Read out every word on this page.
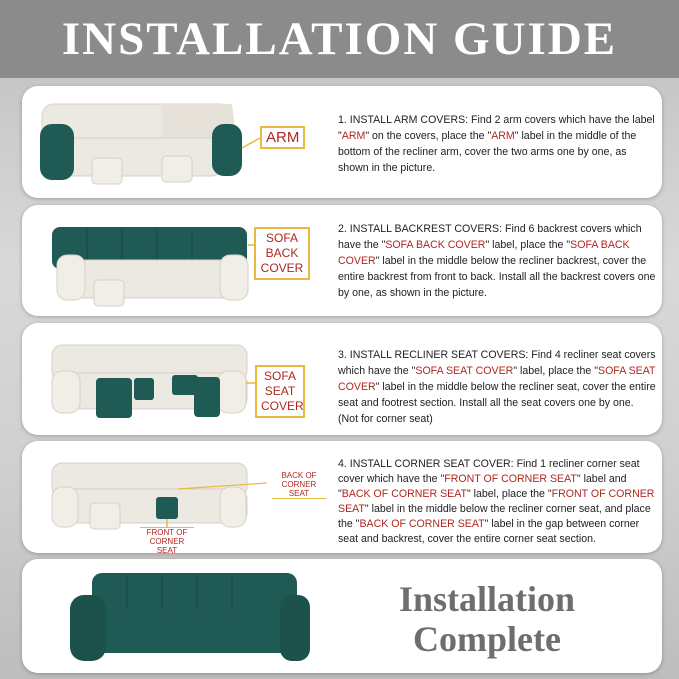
INSTALLATION GUIDE
ARM
1. INSTALL ARM COVERS: Find 2 arm covers which have the label "ARM" on the covers, place the "ARM" label in the middle of the bottom of the recliner arm, cover the two arms one by one, as shown in the picture.
SOFA BACK COVER
2. INSTALL BACKREST COVERS: Find 6 backrest covers which have the "SOFA BACK COVER" label, place the "SOFA BACK COVER" label in the middle below the recliner backrest, cover the entire backrest from front to back. Install all the backrest covers one by one, as shown in the picture.
SOFA SEAT COVER
3. INSTALL RECLINER SEAT COVERS: Find 4 recliner seat covers which have the "SOFA SEAT COVER" label, place the "SOFA SEAT COVER" label in the middle below the recliner seat, cover the entire seat and footrest section. Install all the seat covers one by one. (Not for corner seat)
BACK OF CORNER SEAT
FRONT OF CORNER SEAT
4. INSTALL CORNER SEAT COVER: Find 1 recliner corner seat cover which have the "FRONT OF CORNER SEAT" label and "BACK OF CORNER SEAT" label, place the "FRONT OF CORNER SEAT" label in the middle below the recliner corner seat, and place the "BACK OF CORNER SEAT" label in the gap between corner seat and backrest, cover the entire corner seat section.
Installation
Complete
